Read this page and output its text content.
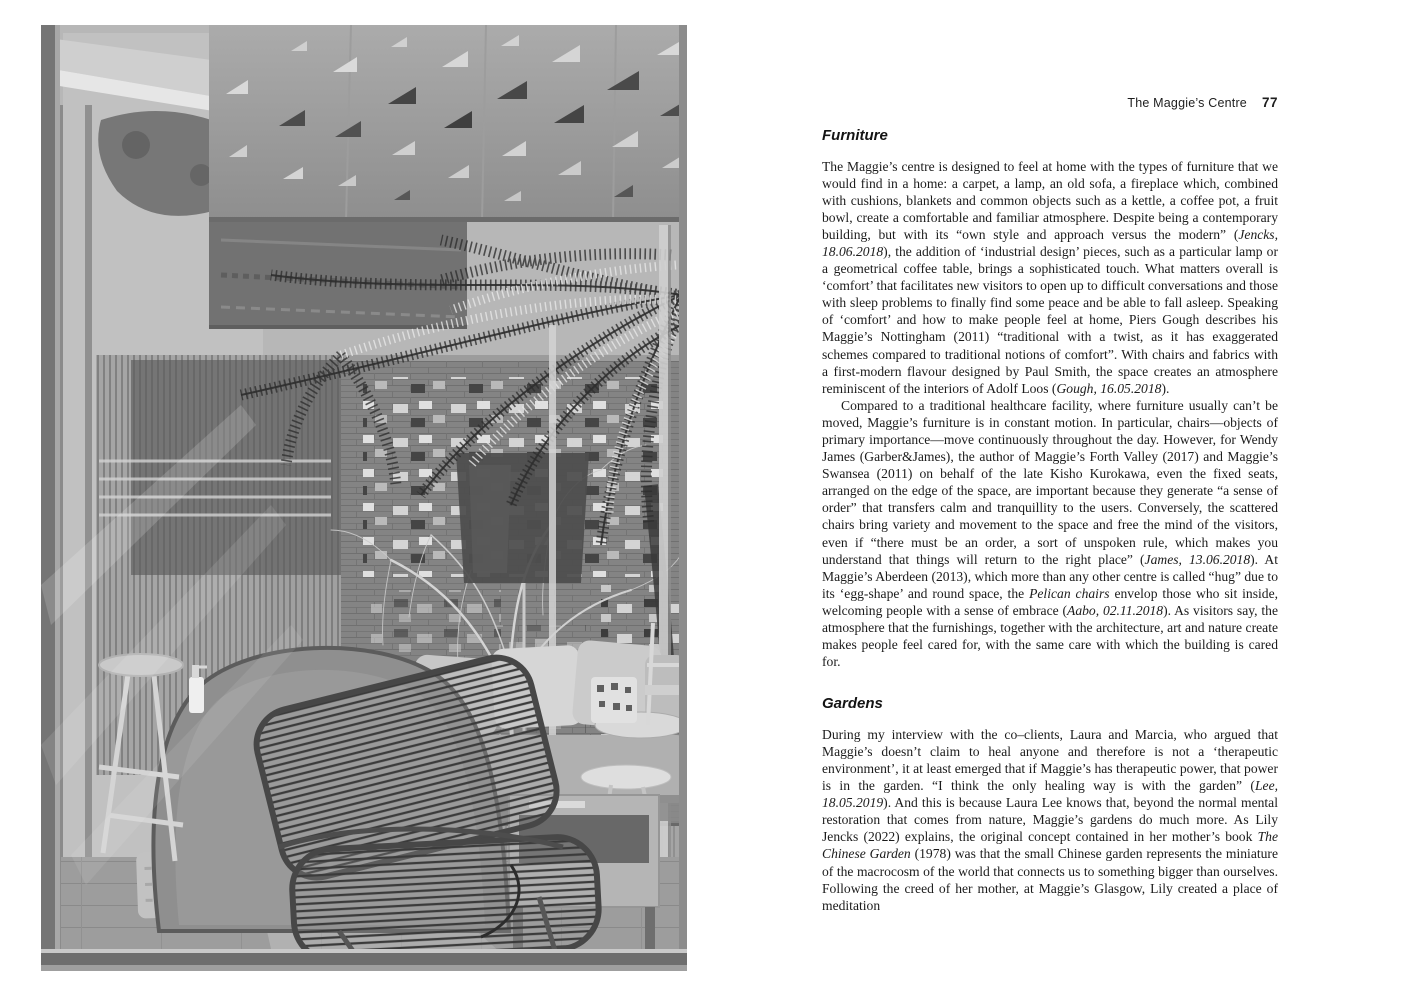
The Maggie’s Centre 77
Furniture

The Maggie’s centre is designed to feel at home with the types of furniture that we would find in a home: a carpet, a lamp, an old sofa, a fireplace which, combined with cushions, blankets and common objects such as a kettle, a coffee pot, a fruit bowl, create a comfortable and familiar atmosphere. Despite being a contemporary building, but with its “own style and approach versus the modern” (Jencks, 18.06.2018), the addition of ‘industrial design’ pieces, such as a particular lamp or a geometrical coffee table, brings a sophisticated touch. What matters overall is ‘comfort’ that facilitates new visitors to open up to difficult conversations and those with sleep problems to finally find some peace and be able to fall asleep. Speaking of ‘comfort’ and how to make people feel at home, Piers Gough describes his Maggie’s Nottingham (2011) “traditional with a twist, as it has exaggerated schemes compared to traditional notions of comfort”. With chairs and fabrics with a first-modern flavour designed by Paul Smith, the space creates an atmosphere reminiscent of the interiors of Adolf Loos (Gough, 16.05.2018).

Compared to a traditional healthcare facility, where furniture usually can’t be moved, Maggie’s furniture is in constant motion. In particular, chairs—objects of primary importance—move continuously throughout the day. However, for Wendy James (Garber&James), the author of Maggie’s Forth Valley (2017) and Maggie’s Swansea (2011) on behalf of the late Kisho Kurokawa, even the fixed seats, arranged on the edge of the space, are important because they generate “a sense of order” that transfers calm and tranquillity to the users. Conversely, the scattered chairs bring variety and movement to the space and free the mind of the visitors, even if “there must be an order, a sort of unspoken rule, which makes you understand that things will return to the right place” (James, 13.06.2018). At Maggie’s Aberdeen (2013), which more than any other centre is called “hug” due to its ‘egg-shape’ and round space, the Pelican chairs envelop those who sit inside, welcoming people with a sense of embrace (Aabo, 02.11.2018). As visitors say, the atmosphere that the furnishings, together with the architecture, art and nature create makes people feel cared for, with the same care with which the building is cared for.

Gardens

During my interview with the co–clients, Laura and Marcia, who argued that Maggie’s doesn’t claim to heal anyone and therefore is not a ‘therapeutic environment’, it at least emerged that if Maggie’s has therapeutic power, that power is in the garden. “I think the only healing way is with the garden” (Lee, 18.05.2019). And this is because Laura Lee knows that, beyond the normal mental restoration that comes from nature, Maggie’s gardens do much more. As Lily Jencks (2022) explains, the original concept contained in her mother’s book The Chinese Garden (1978) was that the small Chinese garden represents the miniature of the macrocosm of the world that connects us to something bigger than ourselves. Following the creed of her mother, at Maggie’s Glasgow, Lily created a place of meditation
